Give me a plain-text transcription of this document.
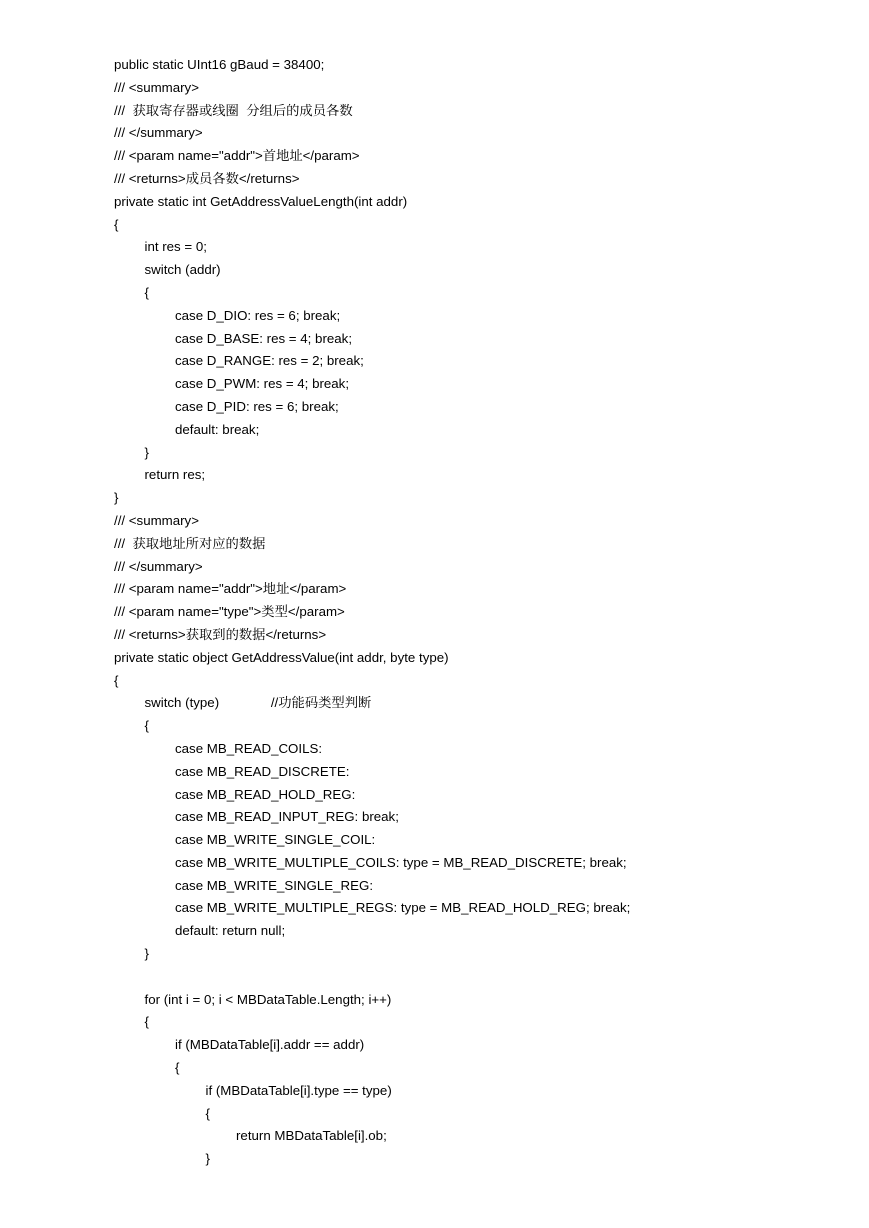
public static UInt16 gBaud = 38400;
/// <summary>
///  获取寄存器或线圈  分组后的成员各数
/// </summary>
/// <param name="addr">首地址</param>
/// <returns>成员各数</returns>
private static int GetAddressValueLength(int addr)
{
int res = 0;
switch (addr)
{
case D_DIO: res = 6; break;
case D_BASE: res = 4; break;
case D_RANGE: res = 2; break;
case D_PWM: res = 4; break;
case D_PID: res = 6; break;
default: break;
}
return res;
}
/// <summary>
///  获取地址所对应的数据
/// </summary>
/// <param name="addr">地址</param>
/// <param name="type">类型</param>
/// <returns>获取到的数据</returns>
private static object GetAddressValue(int addr, byte type)
{
switch (type)              //功能码类型判断
{
case MB_READ_COILS:
case MB_READ_DISCRETE:
case MB_READ_HOLD_REG:
case MB_READ_INPUT_REG: break;
case MB_WRITE_SINGLE_COIL:
case MB_WRITE_MULTIPLE_COILS: type = MB_READ_DISCRETE; break;
case MB_WRITE_SINGLE_REG:
case MB_WRITE_MULTIPLE_REGS: type = MB_READ_HOLD_REG; break;
default: return null;
}
for (int i = 0; i < MBDataTable.Length; i++)
{
if (MBDataTable[i].addr == addr)
{
if (MBDataTable[i].type == type)
{
return MBDataTable[i].ob;
}
